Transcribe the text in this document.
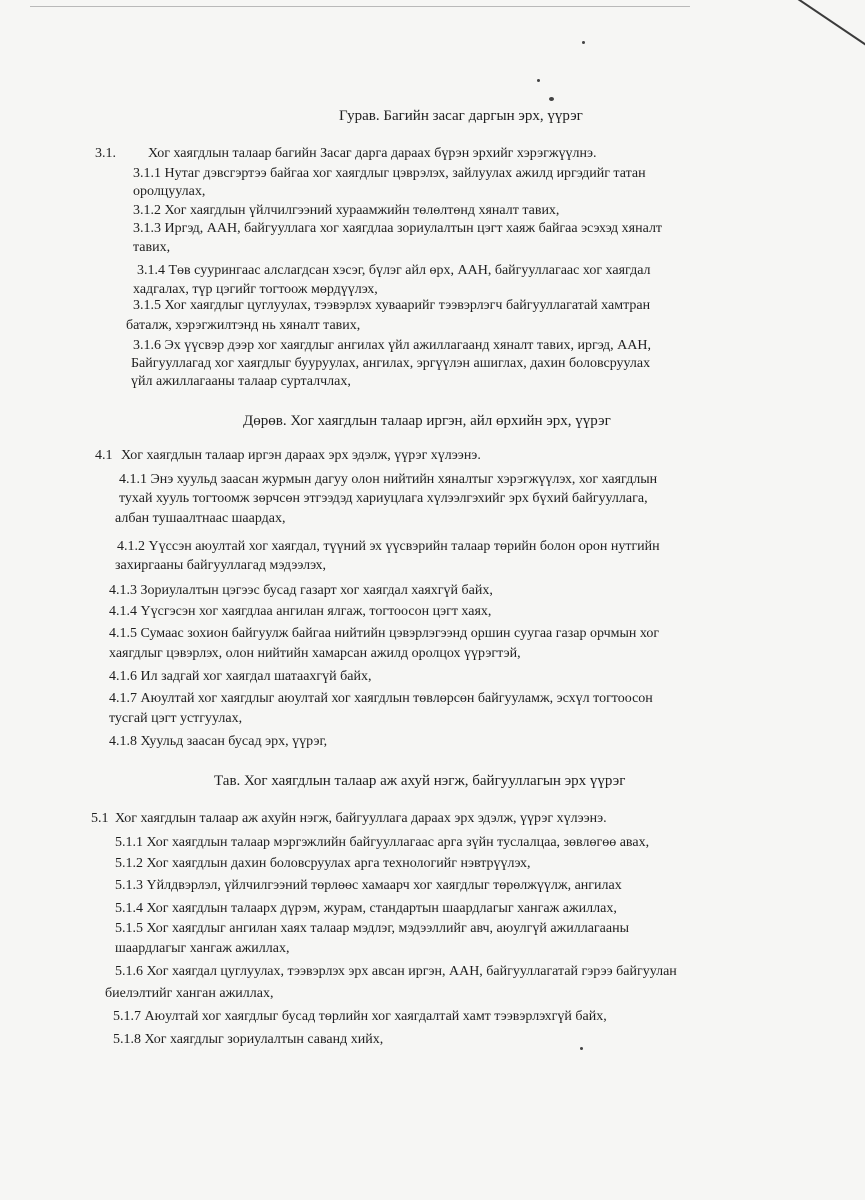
Гурав. Багийн засаг даргын эрх, үүрэг
3.1. Хог хаягдлын талаар багийн Засаг дарга дараах бүрэн эрхийг хэрэгжүүлнэ.
3.1.1 Нутаг дэвсгэртээ байгаа хог хаягдлыг цэврэлэх, зайлуулах ажилд иргэдийг татан
оролцуулах,
3.1.2 Хог хаягдлын үйлчилгээний хураамжийн төлөлтөнд хяналт тавих,
3.1.3 Иргэд, ААН, байгууллага хог хаягдлаа зориулалтын цэгт хаяж байгаа эсэхэд хяналт
тавих,
3.1.4 Төв суурингаас алслагдсан хэсэг, бүлэг айл өрх, ААН, байгууллагаас хог хаягдал
хадгалах, түр цэгийг тогтоож мөрдүүлэх,
3.1.5 Хог хаягдлыг цуглуулах, тээвэрлэх хуваарийг тээвэрлэгч байгууллагатай хамтран
баталж, хэрэгжилтэнд нь хяналт тавих,
3.1.6 Эх үүсвэр дээр хог хаягдлыг ангилах үйл ажиллагаанд хяналт тавих, иргэд, ААН,
Байгууллагад хог хаягдлыг бууруулах, ангилах, эргүүлэн ашиглах, дахин боловсруулах
үйл ажиллагааны талаар сурталчлах,
Дөрөв. Хог хаягдлын талаар иргэн, айл өрхийн эрх, үүрэг
4.1 Хог хаягдлын талаар иргэн дараах эрх эдэлж, үүрэг хүлээнэ.
4.1.1 Энэ хуульд заасан журмын дагуу олон нийтийн хяналтыг хэрэгжүүлэх, хог хаягдлын
тухай хууль тогтоомж зөрчсөн этгээдэд хариуцлага хүлээлгэхийг эрх бүхий байгууллага,
албан тушаалтнаас шаардах,
4.1.2 Үүссэн аюултай хог хаягдал, түүний эх үүсвэрийн талаар төрийн болон орон нутгийн
захиргааны байгууллагад мэдээлэх,
4.1.3 Зориулалтын цэгээс бусад газарт хог хаягдал хаяхгүй байх,
4.1.4 Үүсгэсэн хог хаягдлаа ангилан ялгаж, тогтоосон цэгт хаях,
4.1.5 Сумаас зохион байгуулж байгаа нийтийн цэвэрлэгээнд оршин суугаа газар орчмын хог
хаягдлыг цэвэрлэх, олон нийтийн хамарсан ажилд оролцох үүрэгтэй,
4.1.6 Ил задгай хог хаягдал шатаахгүй байх,
4.1.7 Аюултай хог хаягдлыг аюултай хог хаягдлын төвлөрсөн байгууламж, эсхүл тогтоосон
тусгай цэгт устгуулах,
4.1.8 Хуульд заасан бусад эрх, үүрэг,
Тав. Хог хаягдлын талаар аж ахуй нэгж, байгууллагын эрх үүрэг
5.1 Хог хаягдлын талаар аж ахуйн нэгж, байгууллага дараах эрх эдэлж, үүрэг хүлээнэ.
5.1.1 Хог хаягдлын талаар мэргэжлийн байгууллагаас арга зүйн туслалцаа, зөвлөгөө авах,
5.1.2 Хог хаягдлын дахин боловсруулах арга технологийг нэвтрүүлэх,
5.1.3 Үйлдвэрлэл, үйлчилгээний төрлөөс хамаарч хог хаягдлыг төрөлжүүлж, ангилах
5.1.4 Хог хаягдлын талаарх дүрэм, журам, стандартын шаардлагыг хангаж ажиллах,
5.1.5 Хог хаягдлыг ангилан хаях талаар мэдлэг, мэдээллийг авч, аюулгүй ажиллагааны
шаардлагыг хангаж ажиллах,
5.1.6 Хог хаягдал цуглуулах, тээвэрлэх эрх авсан иргэн, ААН, байгууллагатай гэрээ байгуулан
биелэлтийг ханган ажиллах,
5.1.7 Аюултай хог хаягдлыг бусад төрлийн хог хаягдалтай хамт тээвэрлэхгүй байх,
5.1.8 Хог хаягдлыг зориулалтын саванд хийх,
